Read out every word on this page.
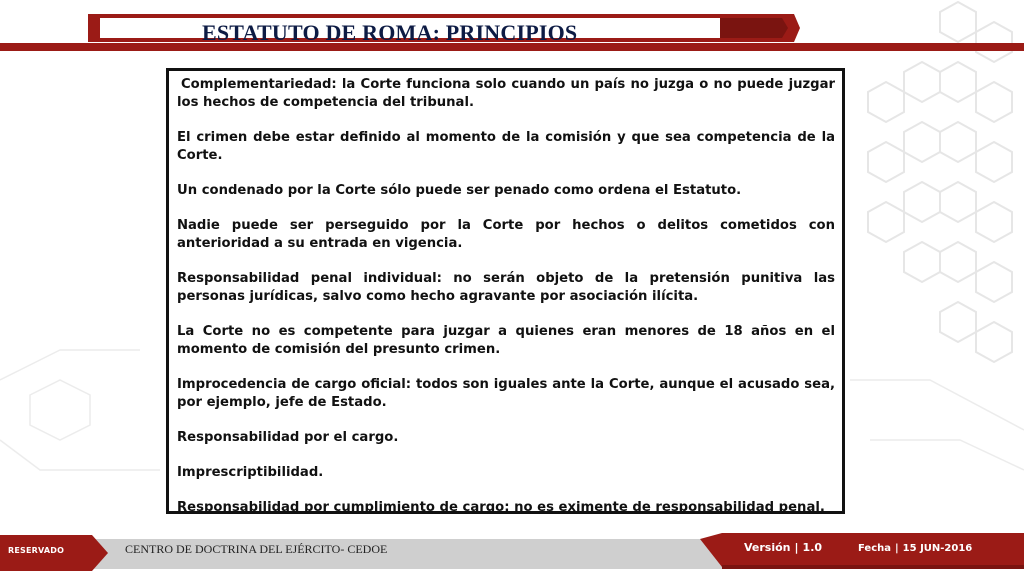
ESTATUTO DE ROMA: PRINCIPIOS

Complementariedad: la Corte funciona solo cuando un país no juzga o no puede juzgar los hechos de competencia del tribunal.

El crimen debe estar definido al momento de la comisión y que sea competencia de la Corte.

Un condenado por la Corte sólo puede ser penado como ordena el Estatuto.

Nadie puede ser perseguido por la Corte por hechos o delitos cometidos con anterioridad a su entrada en vigencia.

Responsabilidad penal individual: no serán objeto de la pretensión punitiva las personas jurídicas, salvo como hecho agravante por asociación ilícita.

La Corte no es competente para juzgar a quienes eran menores de 18 años en el momento de comisión del presunto crimen.

Improcedencia de cargo oficial: todos son iguales ante la Corte, aunque el acusado sea, por ejemplo, jefe de Estado.

Responsabilidad por el cargo.

Imprescriptibilidad.

Responsabilidad por cumplimiento de cargo: no es eximente de responsabilidad penal.

RESERVADO	CENTRO DE DOCTRINA DEL EJÉRCITO- CEDOE	Versión | 1.0	Fecha | 15 JUN-2016
